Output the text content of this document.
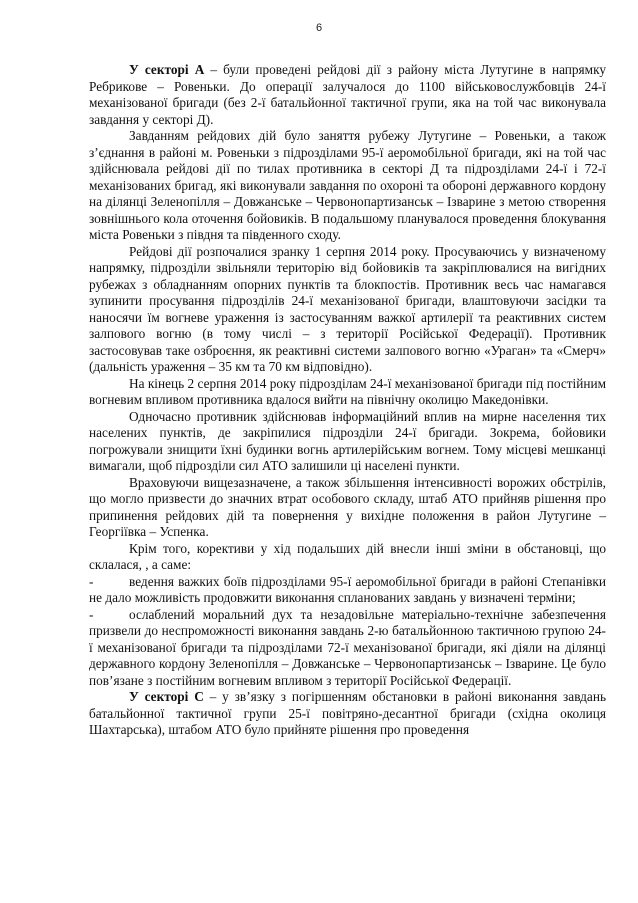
6

У секторі А – були проведені рейдові дії з району міста Лутугине в напрямку Ребрикове – Ровеньки. До операції залучалося до 1100 військовослужбовців 24-ї механізованої бригади (без 2-ї батальйонної тактичної групи, яка на той час виконувала завдання у секторі Д).

Завданням рейдових дій було заняття рубежу Лутугине – Ровеньки, а також з’єднання в районі м. Ровеньки з підрозділами 95-ї аеромобільної бригади, які на той час здійснювала рейдові дії по тилах противника в секторі Д та підрозділами 24-ї і 72-ї механізованих бригад, які виконували завдання по охороні та обороні державного кордону на ділянці Зеленопілля – Довжанське – Червонопартизанськ – Ізварине з метою створення зовнішнього кола оточення бойовиків. В подальшому планувалося проведення блокування міста Ровеньки з півдня та південного сходу.

Рейдові дії розпочалися зранку 1 серпня 2014 року. Просуваючись у визначеному напрямку, підрозділи звільняли територію від бойовиків та закріплювалися на вигідних рубежах з обладнанням опорних пунктів та блокпостів. Противник весь час намагався зупинити просування підрозділів 24-ї механізованої бригади, влаштовуючи засідки та наносячи їм вогневе ураження із застосуванням важкої артилерії та реактивних систем залпового вогню (в тому числі – з території Російської Федерації). Противник застосовував таке озброєння, як реактивні системи залпового вогню «Ураган» та «Смерч» (дальність ураження – 35 км та 70 км відповідно).

На кінець 2 серпня 2014 року підрозділам 24-ї механізованої бригади під постійним вогневим впливом противника вдалося вийти на північну околицю Македонівки.

Одночасно противник здійснював інформаційний вплив на мирне населення тих населених пунктів, де закріпилися підрозділи 24-ї бригади. Зокрема, бойовики погрожували знищити їхні будинки вогнь артилерійським вогнем. Тому місцеві мешканці вимагали, щоб підрозділи сил АТО залишили ці населені пункти.

Враховуючи вищезазначене, а також збільшення інтенсивності ворожих обстрілів, що могло призвести до значних втрат особового складу, штаб АТО прийняв рішення про припинення рейдових дій та повернення у вихідне положення в район Лутугине – Георгіївка – Успенка.

Крім того, корективи у хід подальших дій внесли інші зміни в обстановці, що склалася, , а саме:

-	ведення важких боїв підрозділами 95-ї аеромобільної бригади в районі Степанівки не дало можливість продовжити виконання спланованих завдань у визначені терміни;

-	ослаблений моральний дух та незадовільне матеріально-технічне забезпечення призвели до неспроможності виконання завдань 2-ю батальйонною тактичною групою 24-ї механізованої бригади та підрозділами 72-ї механізованої бригади, які діяли на ділянці державного кордону Зеленопілля – Довжанське – Червонопартизанськ – Ізварине. Це було пов’язане з постійним вогневим впливом з території Російської Федерації.

У секторі С – у зв’язку з погіршенням обстановки в районі виконання завдань батальйонної тактичної групи 25-ї повітряно-десантної бригади (східна околиця Шахтарська), штабом АТО було прийняте рішення про проведення
